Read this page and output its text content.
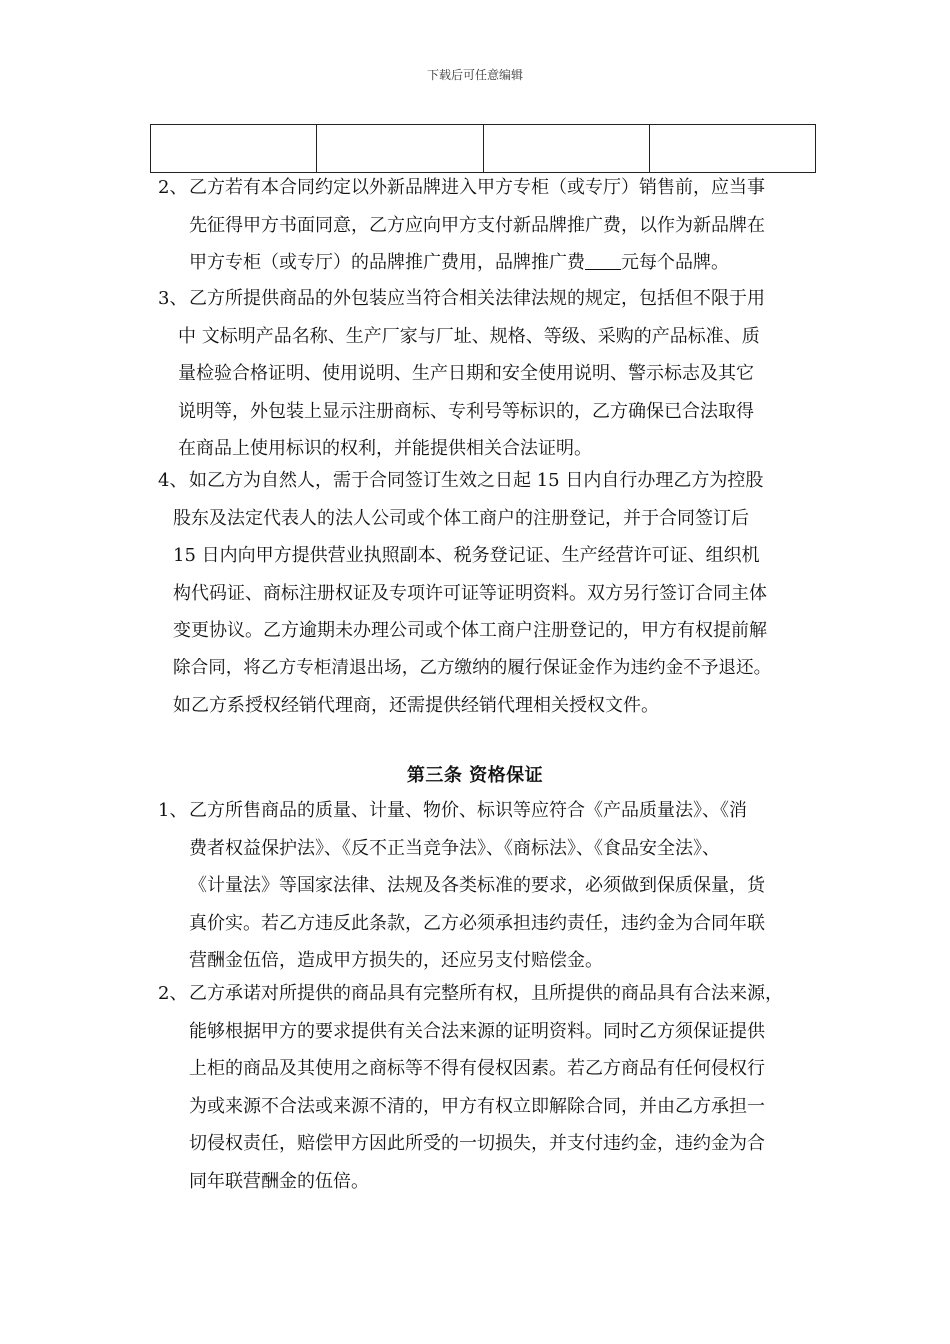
下载后可任意编辑

2、 乙方若有本合同约定以外新品牌进入甲方专柜（或专厅）销售前，应当事
先征得甲方书面同意，乙方应向甲方支付新品牌推广费，以作为新品牌在
甲方专柜（或专厅）的品牌推广费用，品牌推广费 元每个品牌。
3、 乙方所提供商品的外包装应当符合相关法律法规的规定，包括但不限于用
中 文标明产品名称、生产厂家与厂址、规格、等级、采购的产品标准、质
量检验合格证明、使用说明、生产日期和安全使用说明、警示标志及其它
说明等，外包装上显示注册商标、专利号等标识的，乙方确保已合法取得
在商品上使用标识的权利，并能提供相关合法证明。
4、 如乙方为自然人，需于合同签订生效之日起 15 日内自行办理乙方为控股
股东及法定代表人的法人公司或个体工商户的注册登记，并于合同签订后
15 日内向甲方提供营业执照副本、税务登记证、生产经营许可证、组织机
构代码证、商标注册权证及专项许可证等证明资料。双方另行签订合同主体
变更协议。乙方逾期未办理公司或个体工商户注册登记的，甲方有权提前解
除合同，将乙方专柜清退出场，乙方缴纳的履行保证金作为违约金不予退还。
如乙方系授权经销代理商，还需提供经销代理相关授权文件。
第三条 资格保证
1、 乙方所售商品的质量、计量、物价、标识等应符合《产品质量法》、《消
费者权益保护法》、《反不正当竞争法》、《商标法》、《食品安全法》、
《计量法》等国家法律、法规及各类标准的要求，必须做到保质保量，货
真价实。若乙方违反此条款，乙方必须承担违约责任，违约金为合同年联
营酬金伍倍，造成甲方损失的，还应另支付赔偿金。
2、 乙方承诺对所提供的商品具有完整所有权，且所提供的商品具有合法来源，
能够根据甲方的要求提供有关合法来源的证明资料。同时乙方须保证提供
上柜的商品及其使用之商标等不得有侵权因素。若乙方商品有任何侵权行
为或来源不合法或来源不清的，甲方有权立即解除合同，并由乙方承担一
切侵权责任，赔偿甲方因此所受的一切损失，并支付违约金，违约金为合
同年联营酬金的伍倍。
